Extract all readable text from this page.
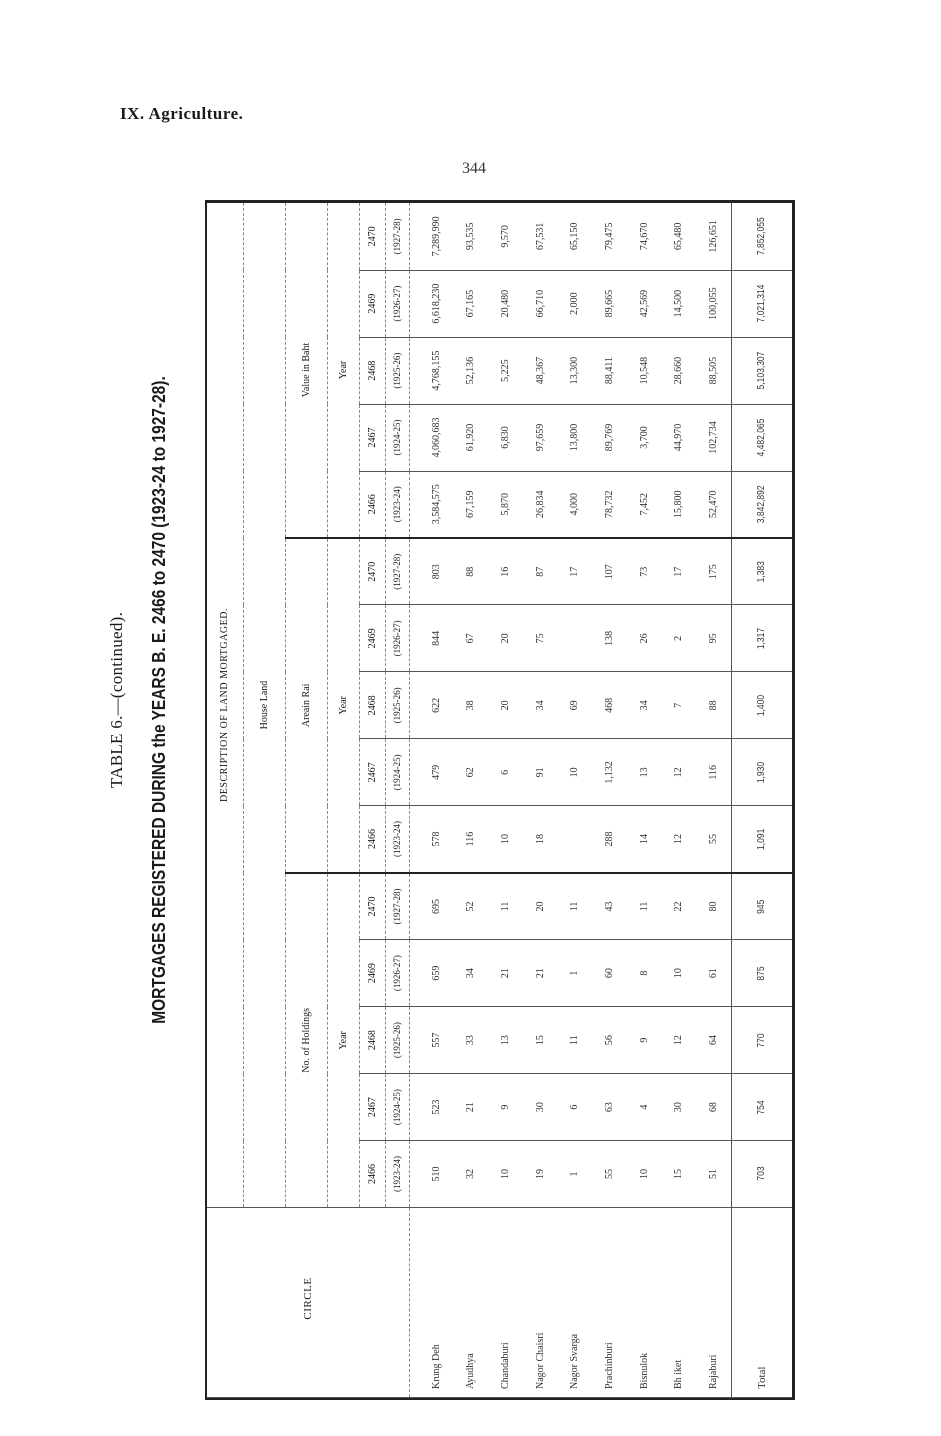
IX. Agriculture.
344
TABLE 6.—(continued). MORTGAGES REGISTERED DURING the YEARS B. E. 2466 to 2470 (1923-24 to 1927-28).
CIRCLE	DESCRIPTION OF LAND MORTGAGED.														
	House Land														
	No. of Holdings					Areain Rai					Value in Baht				
	Year					Year					Year				
	2466	2467	2468	2469	2470	2466	2467	2468	2469	2470	2466	2467	2468	2469	2470
	(1923-24)	(1924-25)	(1925-26)	(1926-27)	(1927-28)	(1923-24)	(1924-25)	(1925-26)	(1926-27)	(1927-28)	(1923-24)	(1924-25)	(1925-26)	(1926-27)	(1927-28)

Krung Deh	510	523	557	659	695	578	479	622	844	803	3,584,575	4,060,683	4,768,155	6,618,230	7,289,990
Ayudhya	32	21	33	34	52	116	62	38	67	88	67,159	61,920	52,136	67,165	93,535
Chandaburi	10	9	13	21	11	10	6	20	20	16	5,870	6,830	5,225	20,480	9,570
Nagor Chaisri	19	30	15	21	20	18	91	34	75	87	26,834	97,659	48,367	66,710	67,531
Nagor Svarga	1	6	11	1	11		10	69		17	4,000	13,800	13,300	2,000	65,150
Prachinburi	55	63	56	60	43	288	1,132	468	138	107	78,732	89,769	88,411	89,665	79,475
Bisnulok	10	4	9	8	11	14	13	34	26	73	7,452	3,700	10,548	42,569	74,670
Bh iket	15	30	12	10	22	12	12	7	2	17	15,800	44,970	28,660	14,500	65,480
Rajaburi	51	68	64	61	80	55	116	88	95	175	52,470	102,734	88,505	100,055	126,651
Total	703	754	770	875	945	1,091	1,930	1,400	1,317	1,383	3,842,892	4,482,065	5,103,307	7,021,314	7,852,055
